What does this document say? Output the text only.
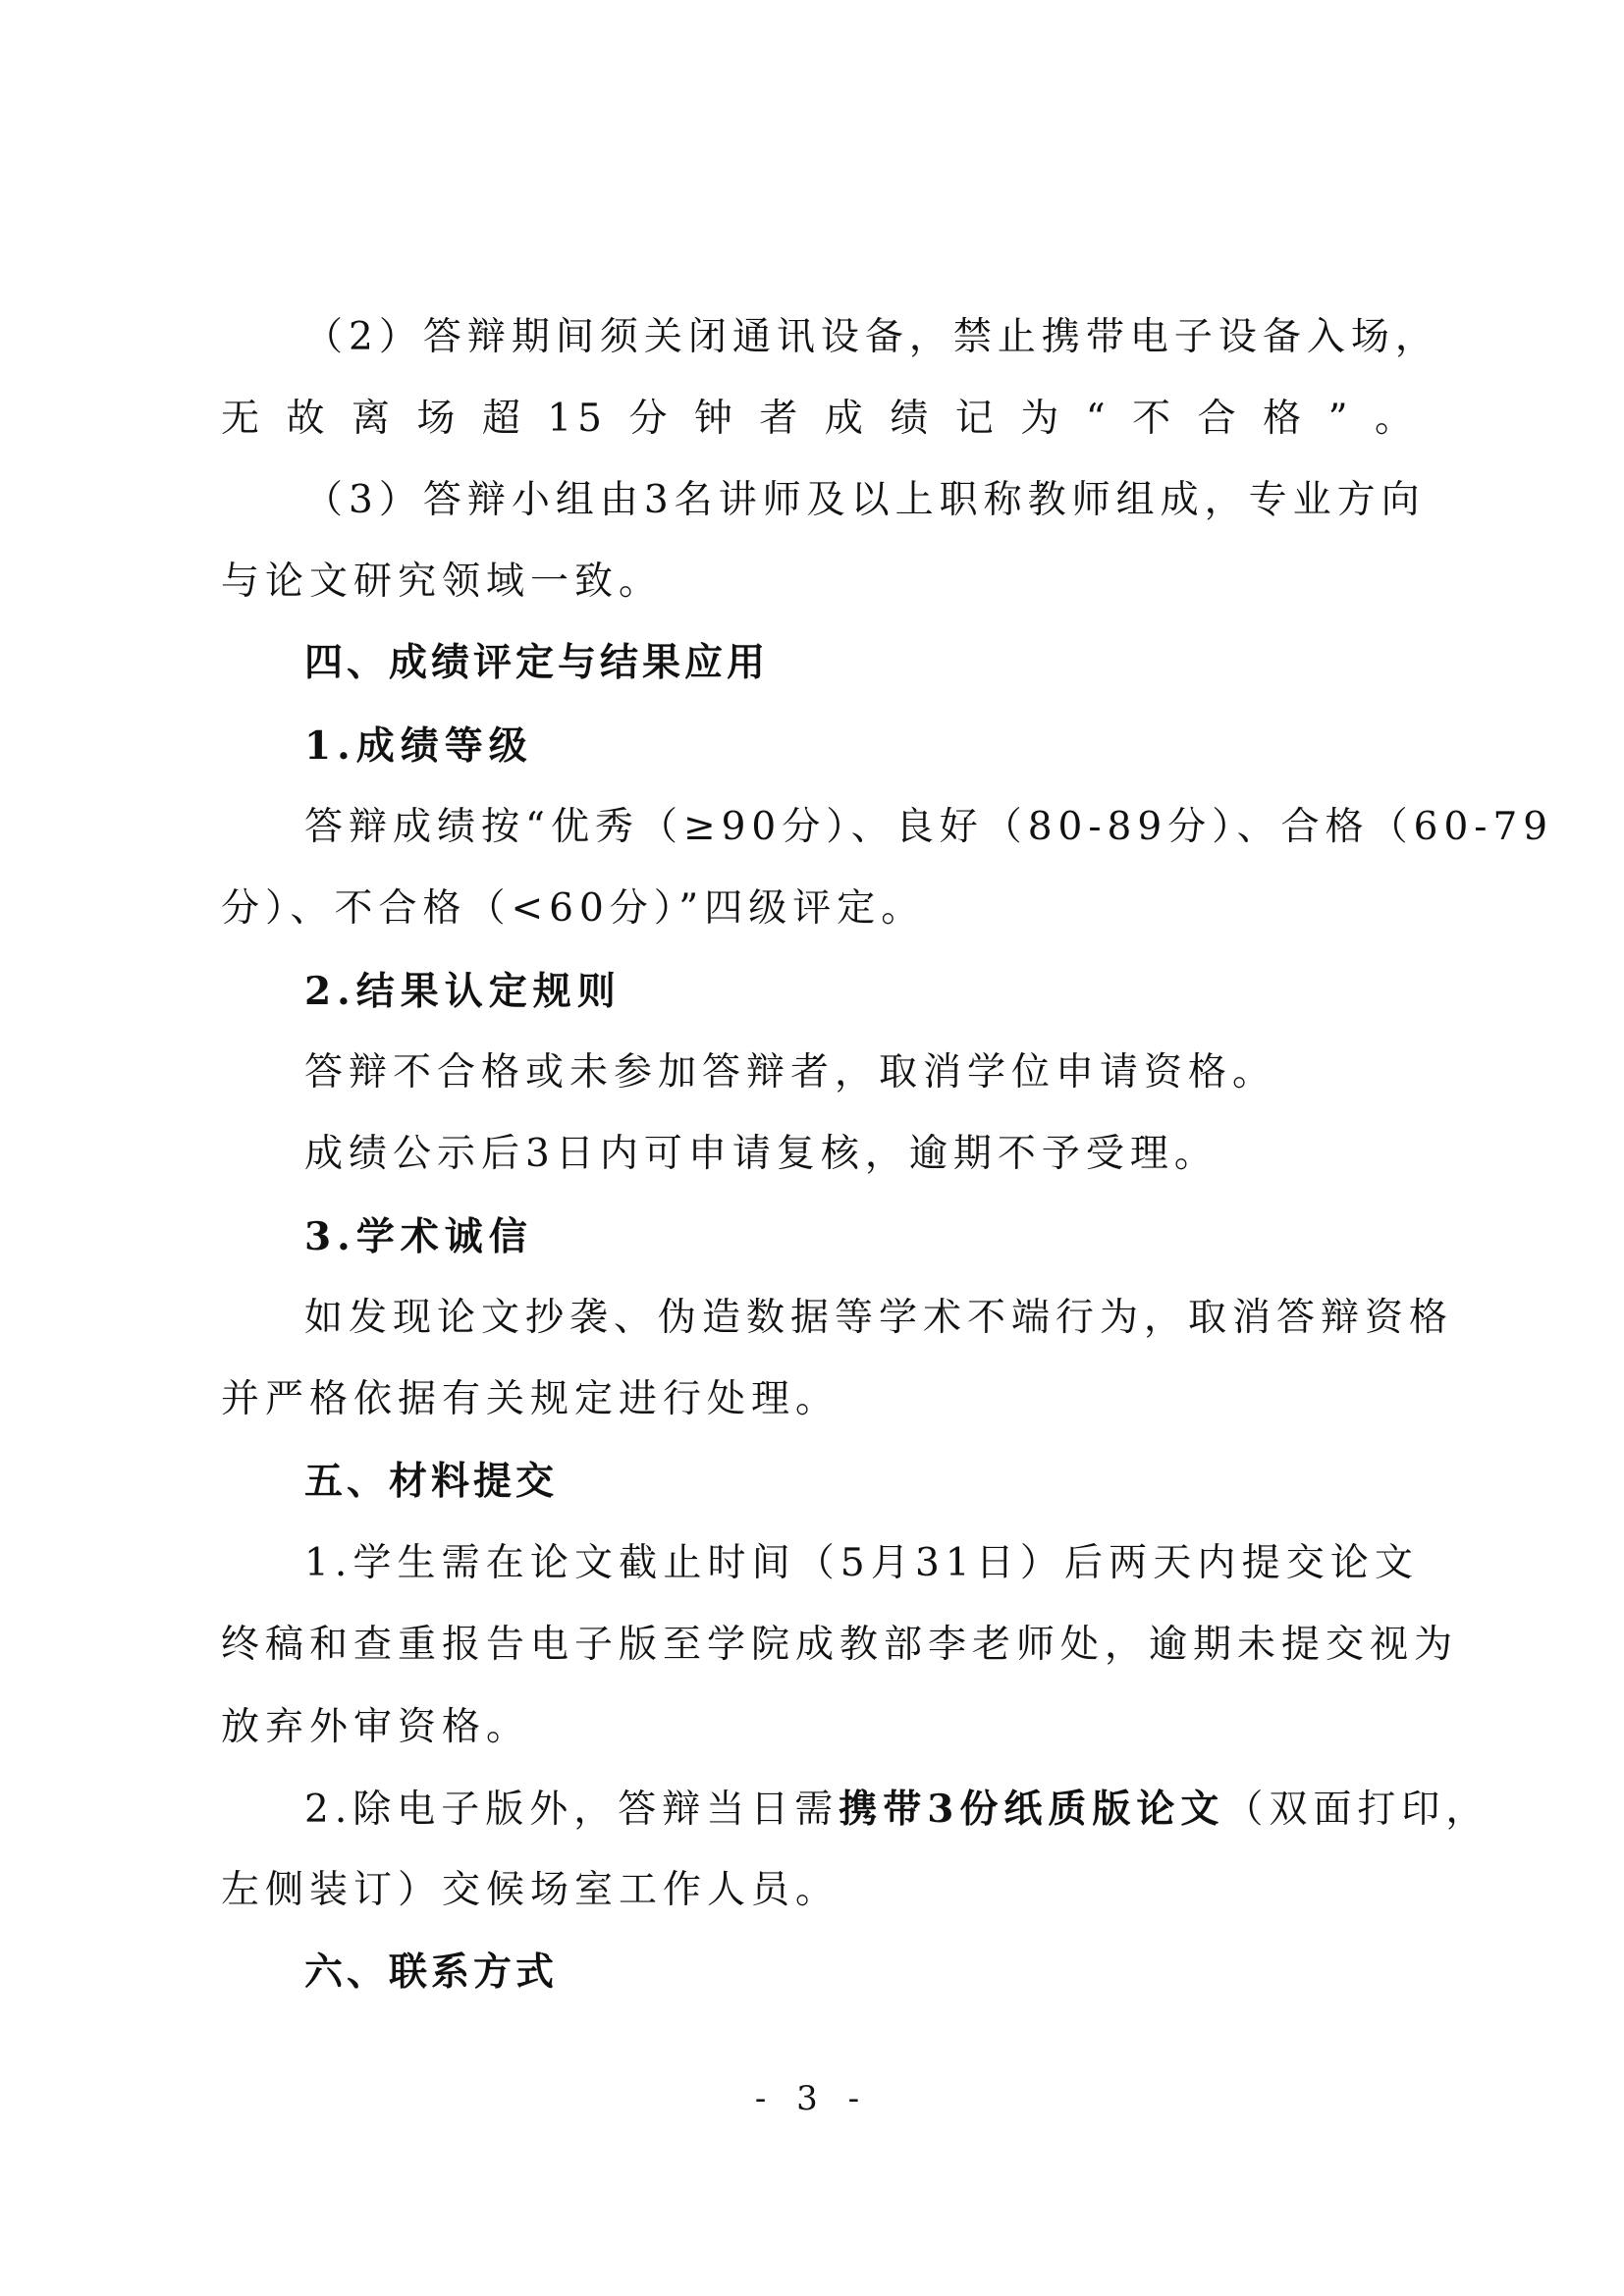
（2）答辩期间须关闭通讯设备，禁止携带电子设备入场，
无故离场超15分钟者成绩记为“不合格”。
（3）答辩小组由3名讲师及以上职称教师组成，专业方向
与论文研究领域一致。
四、成绩评定与结果应用
1.成绩等级
答辩成绩按“优秀（≥90分）、良好（80-89分）、合格（60-79
分）、不合格（<60分）”四级评定。
2.结果认定规则
答辩不合格或未参加答辩者，取消学位申请资格。
成绩公示后3日内可申请复核，逾期不予受理。
3.学术诚信
如发现论文抄袭、伪造数据等学术不端行为，取消答辩资格
并严格依据有关规定进行处理。
五、材料提交
1.学生需在论文截止时间（5月31日）后两天内提交论文
终稿和查重报告电子版至学院成教部李老师处，逾期未提交视为
放弃外审资格。
2.除电子版外，答辩当日需携带3份纸质版论文（双面打印，
左侧装订）交候场室工作人员。
六、联系方式
- 3 -
